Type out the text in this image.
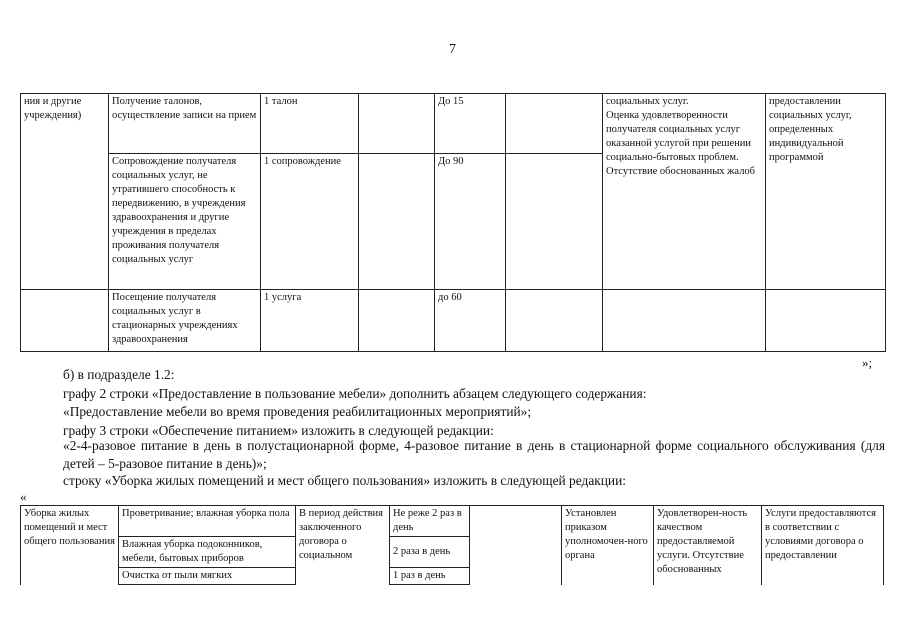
7
ния и другие учреждения)	Получение талонов, осуществление записи на прием	1 талон		До 15		социальных услуг.
Оценка удовлетворенности получателя социальных услуг оказанной услугой при решении социально-бытовых проблем.
Отсутствие обоснованных жалоб	предоставлении социальных услуг, определенных индивидуальной программой
	Сопровождение получателя социальных услуг, не утратившего способность к передвижению, в учреждения здравоохранения и другие учреждения в пределах проживания получателя социальных услуг	1 сопровождение		До 90			
	Посещение получателя социальных услуг в стационарных учреждениях здравоохранения	1 услуга		до 60			
»;
б) в подразделе 1.2:
графу 2 строки «Предоставление в пользование мебели» дополнить абзацем следующего содержания:
«Предоставление мебели во время проведения реабилитационных мероприятий»;
графу 3 строки «Обеспечение питанием» изложить в следующей редакции:
«2-4-разовое питание в день в полустационарной форме, 4-разовое питание в день в стационарной форме социального обслуживания (для детей – 5-разовое питание в день)»;
строку «Уборка жилых помещений и мест общего пользования» изложить в следующей редакции:
«
Уборка жилых помещений и мест общего пользования	Проветривание; влажная уборка пола	В период действия заключенного договора о социальном	Не реже 2 раз в день		Установлен приказом уполномочен-ного органа	Удовлетворен-ность качеством предоставляемой услуги. Отсутствие обоснованных	Услуги предоставляются в соответствии с условиями договора о предоставлении
	Влажная уборка подоконников, мебели, бытовых приборов		2 раза в день				
	Очистка от пыли мягких		1 раз в день				
